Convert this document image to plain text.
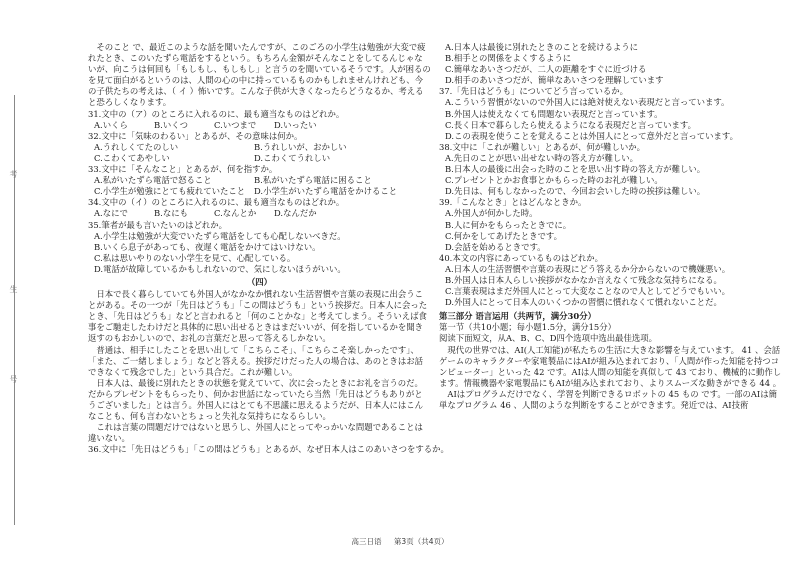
考
生
号

そのこと で、最近このような話を聞いたんですが、このごろの小学生は勉強が大変で疲れたとき、このいたずら電話をするという。もちろん金額がそんなことをしてるんじゃないが、向こうは何回も「もしもし、もしもし」と言うのを聞いているそうです。人が困るのを見て面白がるというのは、人間の心の中に持っているものかもしれませんけれども、今の子供たちの考えは、（ イ ）怖いです。こんな子供が大きくなったらどうなるか、考えると恐ろしくなります。

31.文中の（ア）のところに入れるのに、最も適当なものはどれか。

A.いくら	B.いくつ	C.いつまで	D.いったい

32.文中に「気味のわるい」とあるが、その意味は何か。

A.うれしくてたのしい	B.うれしいが、おかしい
C.こわくてあやしい	D.こわくてうれしい

33.文中に「そんなこと」とあるが、何を指すか。

A.私がいたずら電話で怒ること	B.私がいたずら電話に困ること
C.小学生が勉強にとても疲れていたこと	D.小学生がいたずら電話をかけること

34.文中の（イ）のところに入れるのに、最も適当なものはどれか。

A.なにで	B.なにも	C.なんとか	D.なんだか

35.筆者が最も言いたいのはどれか。

A.小学生は勉強が大変でいたずら電話をしても心配しないべきだ。

B.いくら息子があっても、夜遅く電話をかけてはいけない。

C.私は思いやりのない小学生を見て、心配している。

D.電話が故障しているかもしれないので、気にしないほうがいい。

（四）

日本で長く暮らしていても外国人がなかなか慣れない生活習慣や言葉の表現に出会うことがある。その一つが「先日はどうも」「この間はどうも」という挨拶だ。日本人に会ったとき、「先日はどうも」などと言われると「何のことかな」と考えてしまう。そういえば食事をご馳走したわけだと具体的に思い出せるときはまだいいが、何を指しているかを聞き返すのもおかしいので、お礼の言葉だと思って答えるしかない。

普通は、相手にしたことを思い出して「こちらこそ」、「こちらこそ楽しかったです」、「また、ご一緒しましょう」などと答える。挨拶だけだった人の場合は、あのときはお話できなくて残念でした」という具合だ。これが難しい。

日本人は、最後に別れたときの状態を覚えていて、次に会ったときにお礼を言うのだ。だからプレゼントをもらったり、何かお世話になっていたら当然「先日はどうもありがとうございました」とは言う。外国人にはとても不思議に思えるようだが、日本人にはこんなことも、何も言わないとちょっと失礼な気持ちになるらしい。

これは言葉の問題だけではないと思うし、外国人にとってやっかいな問題であることは違いない。

36.文中に「先日はどうも」「この間はどうも」とあるが、なぜ日本人はこのあいさつをするか。

A.日本人は最後に別れたときのことを続けるように

B.相手との関係をよくするように

C.簡単なあいさつだが、二人の距離をすぐに近づける

D.相手のあいさつだが、簡単なあいさつを理解しています

37.「先日はどうも」についてどう言っているか。

A.こういう習慣がないので外国人には絶対使えない表現だと言っています。

B.外国人は使えなくても問題ない表現だと言っています。

C.長く日本で暮らしたら使えるようになる表現だと言っています。

D.この表現を使うことを覚えることは外国人にとって意外だと言っています。

38.文中に「これが難しい」とあるが、何が難しいか。

A.先日のことが思い出せない時の答え方が難しい。

B.日本人の最後に出会った時のことを思い出す時の答え方が難しい。

C.プレゼントとかお食事とかもらった時のお礼が難しい。

D.先日は、何もしなかったので、今回お会いした時の挨拶は難しい。

39.「こんなとき」とはどんなときか。

A.外国人が何かした時。

B.人に何かをもらったときでに。

C.何かをしてあげたときです。

D.会話を始めるときです。

40.本文の内容にあっているものはどれか。

A.日本人の生活習慣や言葉の表現にどう答えるか分からないので機嫌悪い。

B.外国人は日本人らしい挨拶がなかなか言えなくて残念な気持ちになる。

C.言葉表現はまだ外国人にとって大変なことなので人としてどうでもいい。

D.外国人にとって日本人のいくつかの習慣に慣れなくて慣れないことだ。

第三部分 语言运用（共两节，满分30分）

第一节（共10小题；每小题1.5分，满分15分）

阅读下面短文，从A、B、C、D四个选项中选出最佳选项。

現代の世界では、AI(人工知能)が私たちの生活に大きな影響を与えています。 41 、会話ゲームのキャラクターや家電製品にはAIが組み込まれており、「人間が作った知能を持つコンピューター」といった 42 です。AIは人間の知能を真似して 43 ており、機械的に動作します。情報機器や家電製品にもAIが組み込まれており、よりスムーズな動きができる 44 。

AIはプログラムだけでなく、学習を判断できるロボットの 45 もの です。一部のAIは簡単なプログラム 46 、人間のような判断をすることができます。発近では、AI技術

高三日语 第3页（共4页）
